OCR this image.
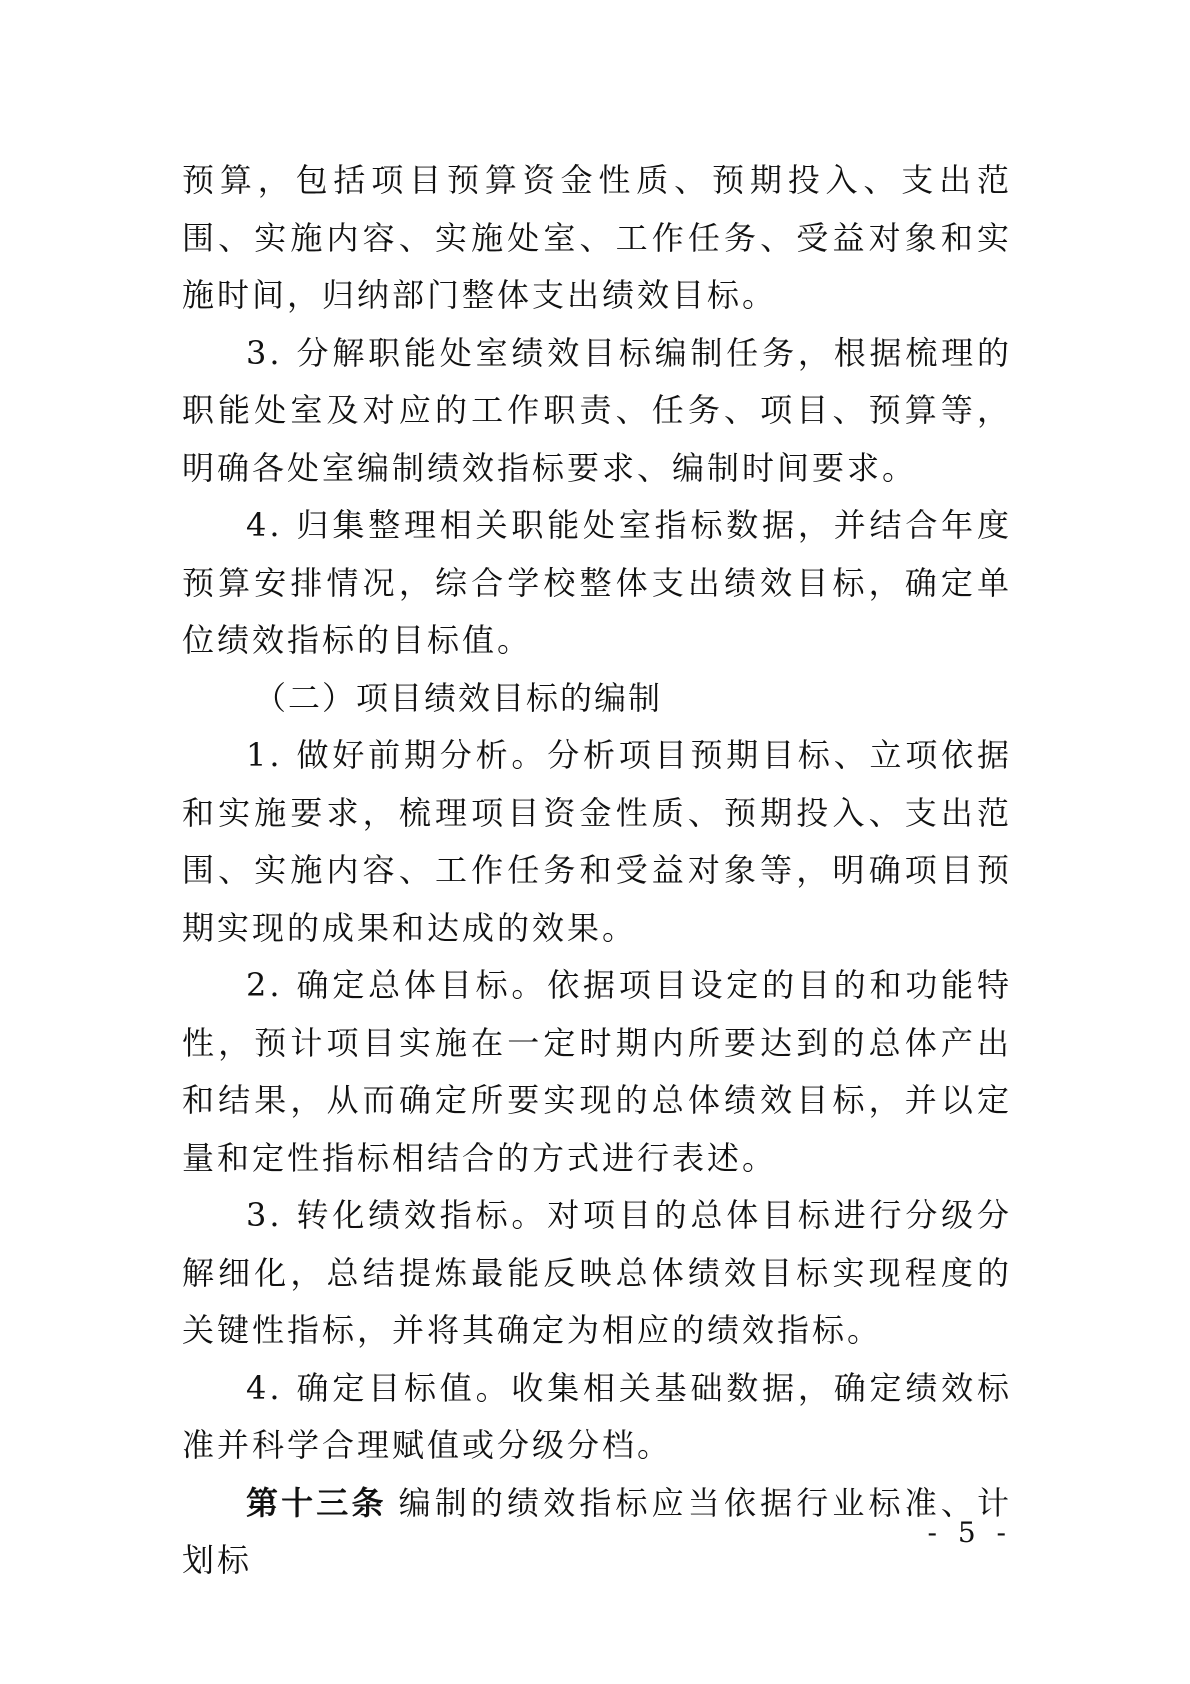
预算，包括项目预算资金性质、预期投入、支出范围、实施内容、实施处室、工作任务、受益对象和实施时间，归纳部门整体支出绩效目标。

3. 分解职能处室绩效目标编制任务，根据梳理的职能处室及对应的工作职责、任务、项目、预算等，明确各处室编制绩效指标要求、编制时间要求。

4. 归集整理相关职能处室指标数据，并结合年度预算安排情况，综合学校整体支出绩效目标，确定单位绩效指标的目标值。

（二）项目绩效目标的编制

1. 做好前期分析。分析项目预期目标、立项依据和实施要求，梳理项目资金性质、预期投入、支出范围、实施内容、工作任务和受益对象等，明确项目预期实现的成果和达成的效果。

2. 确定总体目标。依据项目设定的目的和功能特性，预计项目实施在一定时期内所要达到的总体产出和结果，从而确定所要实现的总体绩效目标，并以定量和定性指标相结合的方式进行表述。

3. 转化绩效指标。对项目的总体目标进行分级分解细化，总结提炼最能反映总体绩效目标实现程度的关键性指标，并将其确定为相应的绩效指标。

4. 确定目标值。收集相关基础数据，确定绩效标准并科学合理赋值或分级分档。

第十三条 编制的绩效指标应当依据行业标准、计划标

- 5 -
